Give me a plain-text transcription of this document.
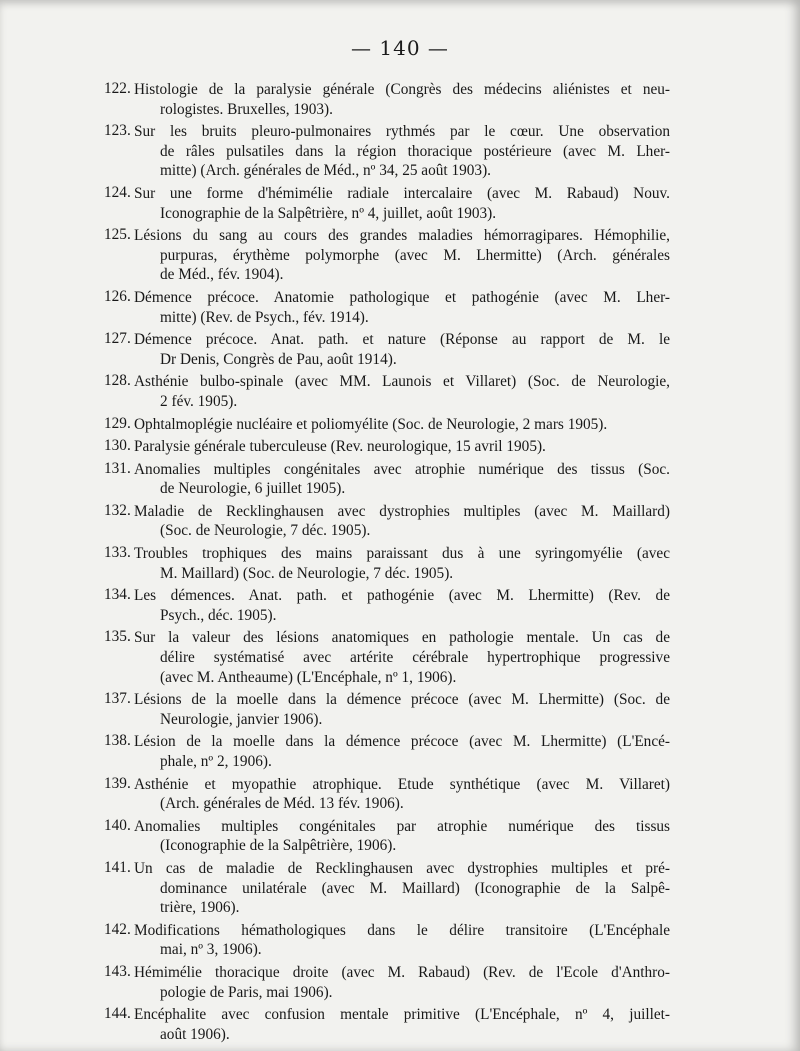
— 140 —
122. Histologie de la paralysie générale (Congrès des médecins aliénistes et neu-
rologistes. Bruxelles, 1903).
123. Sur les bruits pleuro-pulmonaires rythmés par le cœur. Une observation
de râles pulsatiles dans la région thoracique postérieure (avec M. Lher-
mitte) (Arch. générales de Méd., nº 34, 25 août 1903).
124. Sur une forme d'hémimélie radiale intercalaire (avec M. Rabaud) Nouv.
Iconographie de la Salpêtrière, nº 4, juillet, août 1903).
125. Lésions du sang au cours des grandes maladies hémorragipares. Hémophilie,
purpuras, érythème polymorphe (avec M. Lhermitte) (Arch. générales
de Méd., fév. 1904).
126. Démence précoce. Anatomie pathologique et pathogénie (avec M. Lher-
mitte) (Rev. de Psych., fév. 1914).
127. Démence précoce. Anat. path. et nature (Réponse au rapport de M. le
Dr Denis, Congrès de Pau, août 1914).
128. Asthénie bulbo-spinale (avec MM. Launois et Villaret) (Soc. de Neurologie,
2 fév. 1905).
129. Ophtalmoplégie nucléaire et poliomyélite (Soc. de Neurologie, 2 mars 1905).
130. Paralysie générale tuberculeuse (Rev. neurologique, 15 avril 1905).
131. Anomalies multiples congénitales avec atrophie numérique des tissus (Soc.
de Neurologie, 6 juillet 1905).
132. Maladie de Recklinghausen avec dystrophies multiples (avec M. Maillard)
(Soc. de Neurologie, 7 déc. 1905).
133. Troubles trophiques des mains paraissant dus à une syringomyélie (avec
M. Maillard) (Soc. de Neurologie, 7 déc. 1905).
134. Les démences. Anat. path. et pathogénie (avec M. Lhermitte) (Rev. de
Psych., déc. 1905).
135. Sur la valeur des lésions anatomiques en pathologie mentale. Un cas de
délire systématisé avec artérite cérébrale hypertrophique progressive
(avec M. Antheaume) (L'Encéphale, nº 1, 1906).
137. Lésions de la moelle dans la démence précoce (avec M. Lhermitte) (Soc. de
Neurologie, janvier 1906).
138. Lésion de la moelle dans la démence précoce (avec M. Lhermitte) (L'Encé-
phale, nº 2, 1906).
139. Asthénie et myopathie atrophique. Etude synthétique (avec M. Villaret)
(Arch. générales de Méd. 13 fév. 1906).
140. Anomalies multiples congénitales par atrophie numérique des tissus
(Iconographie de la Salpêtrière, 1906).
141. Un cas de maladie de Recklinghausen avec dystrophies multiples et pré-
dominance unilatérale (avec M. Maillard) (Iconographie de la Salpê-
trière, 1906).
142. Modifications hémathologiques dans le délire transitoire (L'Encéphale
mai, nº 3, 1906).
143. Hémimélie thoracique droite (avec M. Rabaud) (Rev. de l'Ecole d'Anthro-
pologie de Paris, mai 1906).
144. Encéphalite avec confusion mentale primitive (L'Encéphale, nº 4, juillet-
août 1906).
